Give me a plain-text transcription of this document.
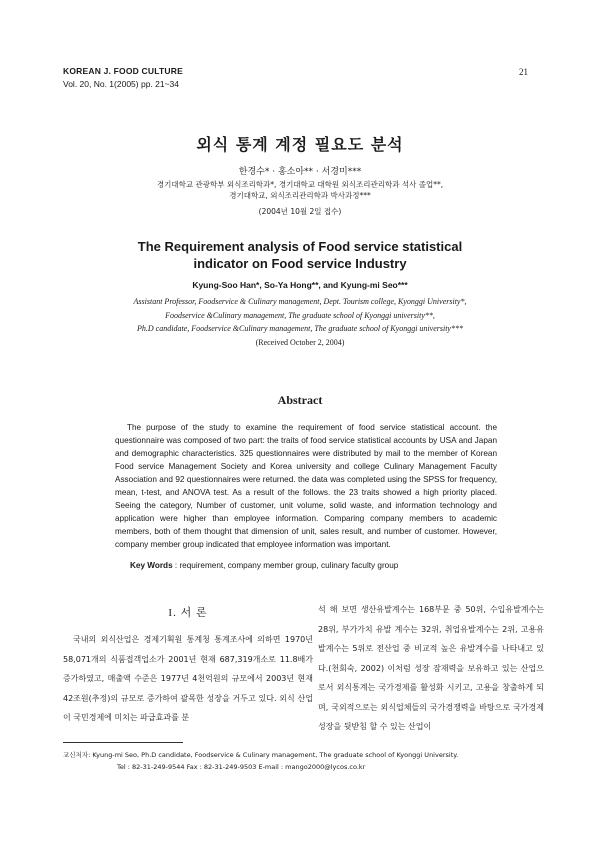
KOREAN J. FOOD CULTURE
Vol. 20, No. 1(2005) pp. 21~34
21
외식 통계 계정 필요도 분석
한경수* · 홍소아** · 서경미***
경기대학교 관광학부 외식조리학과*, 경기대학교 대학원 외식조리관리학과 석사 졸업**,
경기대학교, 외식조리관리학과 박사과정***
(2004년 10월 2일 접수)
The Requirement analysis of Food service statistical
indicator on Food service Industry
Kyung-Soo Han*, So-Ya Hong**, and Kyung-mi Seo***
Assistant Professor, Foodservice & Culinary management, Dept. Tourism college, Kyonggi University*,
Foodservice &Culinary management, The graduate school of Kyonggi university**,
Ph.D candidate, Foodservice &Culinary management, The graduate school of Kyonggi university***
(Received October 2, 2004)
Abstract

The purpose of the study to examine the requirement of food service statistical account. the questionnaire was composed of two part: the traits of food service statistical accounts by USA and Japan and demographic characteristics. 325 questionnaires were distributed by mail to the member of Korean Food service Management Society and Korea university and college Culinary Management Faculty Association and 92 questionnaires were returned. the data was completed using the SPSS for frequency, mean, t-test, and ANOVA test. As a result of the follows. the 23 traits showed a high priority placed. Seeing the category, Number of customer, unit volume, solid waste, and information technology and application were higher than employee information. Comparing company members to academic members, both of them thought that dimension of unit, sales result, and number of customer. However, company member group indicated that employee information was important.

Key Words : requirement, company member group, culinary faculty group
I. 서 론

국내의 외식산업은 경제기획원 통계청 통계조사에 의하면 1970년 58,071개의 식품접객업소가 2001년 현재 687,319개소로 11.8배가 증가하였고, 매출액 수준은 1977년 4천억원의 규모에서 2003년 현재 42조원(추정)의 규모로 증가하여 괄목한 성장을 거두고 있다. 외식 산업이 국민경제에 미치는 파급효과를 분

석 해 보면 생산유발계수는 168부문 중 50위, 수입유발계수는 28위, 부가가치 유발 계수는 32위, 취업유발계수는 2위, 고용유발계수는 5위로 전산업 중 비교적 높은 유발계수를 나타내고 있다.(천회숙, 2002) 이처럼 성장 잠재력을 보유하고 있는 산업으로서 외식통계는 국가경제를 활성화 시키고, 고용을 창출하게 되며, 국외적으로는 외식업체들의 국가경쟁력을 바탕으로 국가경제성장을 뒷받침 할 수 있는 산업이

교신저자: Kyung-mi Seo, Ph.D candidate, Foodservice & Culinary management, The graduate school of Kyonggi University.
Tel : 82-31-249-9544 Fax : 82-31-249-9503 E-mail : mango2000@lycos.co.kr
